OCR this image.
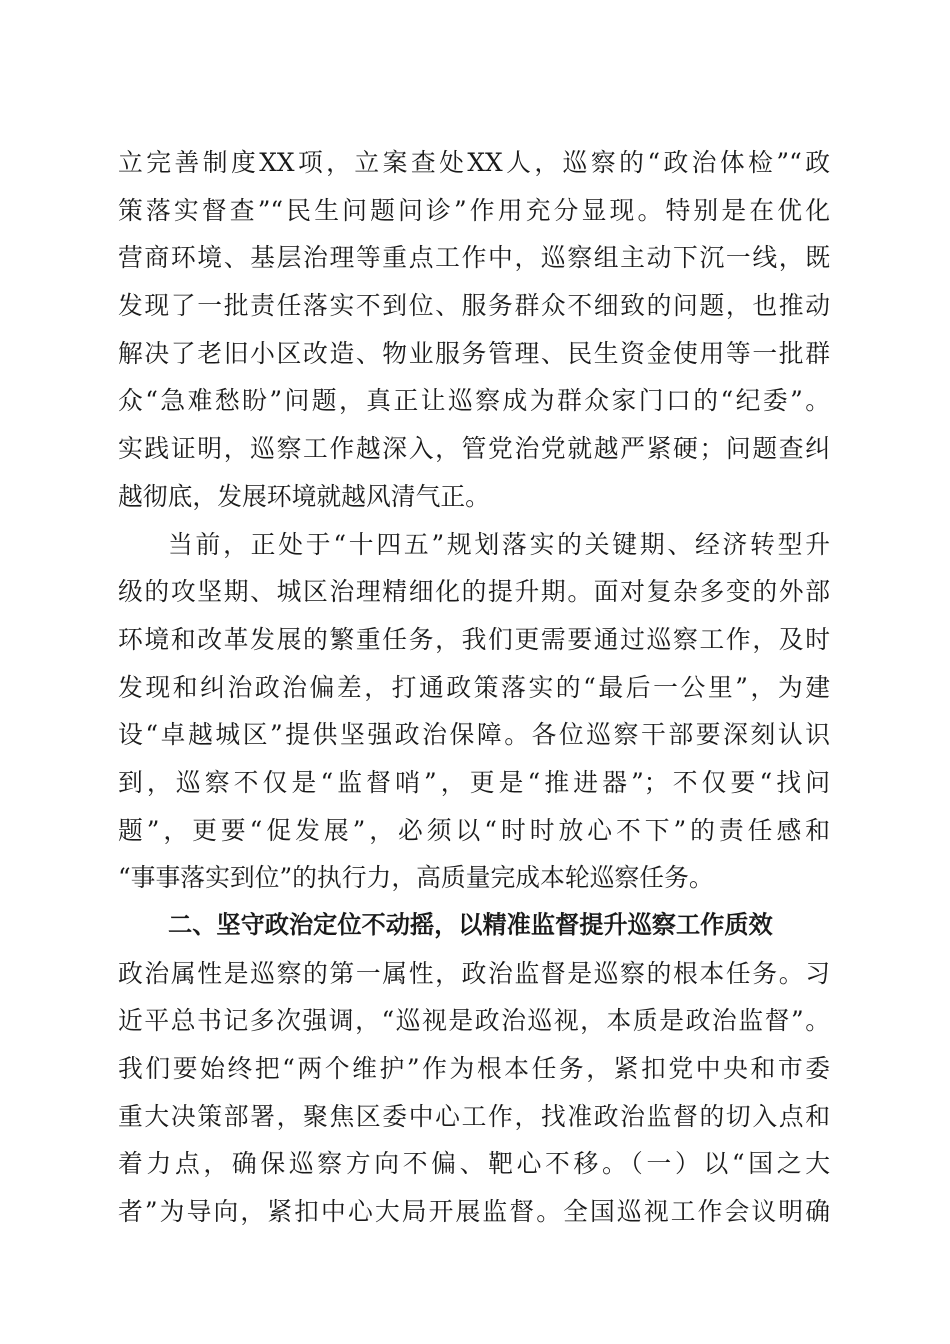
立完善制度XX项，立案查处XX人，巡察的“政治体检”“政
策落实督查”“民生问题问诊”作用充分显现。特别是在优化
营商环境、基层治理等重点工作中，巡察组主动下沉一线，既
发现了一批责任落实不到位、服务群众不细致的问题，也推动
解决了老旧小区改造、物业服务管理、民生资金使用等一批群
众“急难愁盼”问题，真正让巡察成为群众家门口的“纪委”。
实践证明，巡察工作越深入，管党治党就越严紧硬；问题查纠
越彻底，发展环境就越风清气正。
当前，正处于“十四五”规划落实的关键期、经济转型升
级的攻坚期、城区治理精细化的提升期。面对复杂多变的外部
环境和改革发展的繁重任务，我们更需要通过巡察工作，及时
发现和纠治政治偏差，打通政策落实的“最后一公里”，为建
设“卓越城区”提供坚强政治保障。各位巡察干部要深刻认识
到，巡察不仅是“监督哨”，更是“推进器”；不仅要“找问
题”，更要“促发展”，必须以“时时放心不下”的责任感和
“事事落实到位”的执行力，高质量完成本轮巡察任务。
二、坚守政治定位不动摇，以精准监督提升巡察工作质效
政治属性是巡察的第一属性，政治监督是巡察的根本任务。习
近平总书记多次强调，“巡视是政治巡视，本质是政治监督”。
我们要始终把“两个维护”作为根本任务，紧扣党中央和市委
重大决策部署，聚焦区委中心工作，找准政治监督的切入点和
着力点，确保巡察方向不偏、靶心不移。（一）以“国之大
者”为导向，紧扣中心大局开展监督。全国巡视工作会议明确
